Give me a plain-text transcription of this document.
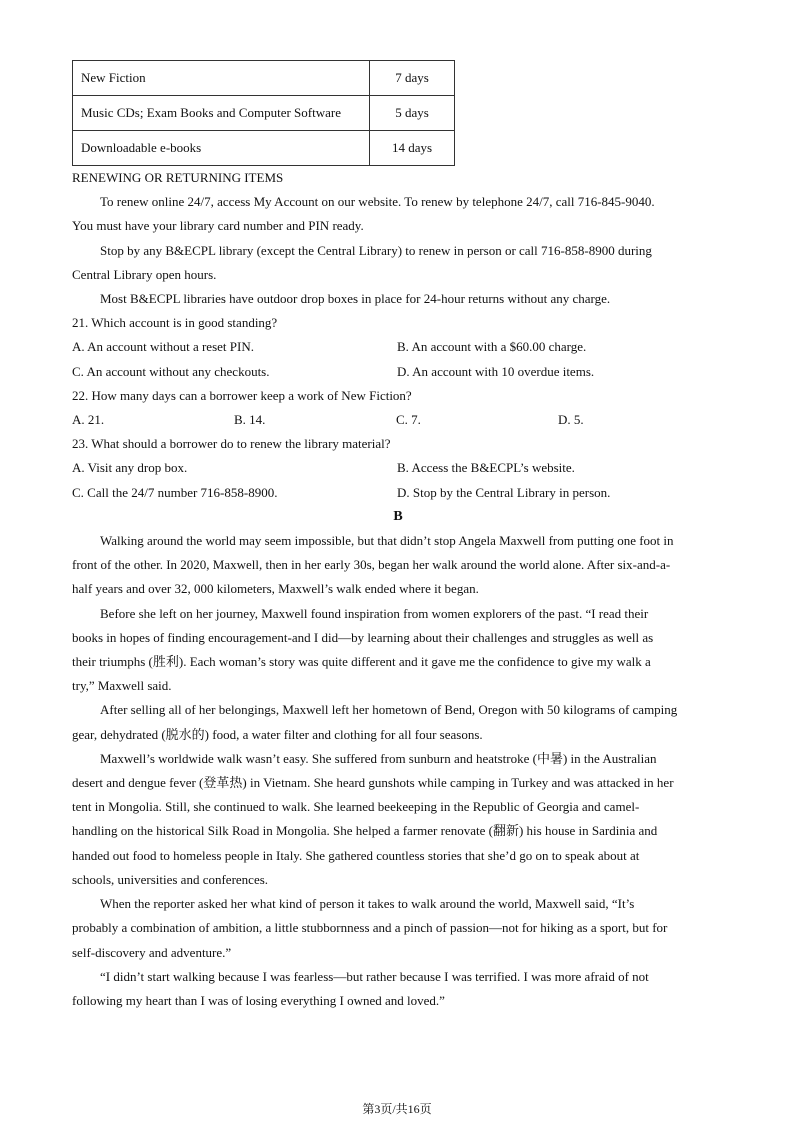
New Fiction	7 days
Music CDs; Exam Books and Computer Software	5 days
Downloadable e-books	14 days
RENEWING OR RETURNING ITEMS
To renew online 24/7, access My Account on our website. To renew by telephone 24/7, call 716-845-9040.
You must have your library card number and PIN ready.
Stop by any B&ECPL library (except the Central Library) to renew in person or call 716-858-8900 during
Central Library open hours.
Most B&ECPL libraries have outdoor drop boxes in place for 24-hour returns without any charge.
21. Which account is in good standing?
A. An account without a reset PIN.	B. An account with a $60.00 charge.
C. An account without any checkouts.	D. An account with 10 overdue items.
22. How many days can a borrower keep a work of New Fiction?
A. 21.	B. 14.	C. 7.	D. 5.
23. What should a borrower do to renew the library material?
A. Visit any drop box.	B. Access the B&ECPL’s website.
C. Call the 24/7 number 716-858-8900.	D. Stop by the Central Library in person.
B
Walking around the world may seem impossible, but that didn’t stop Angela Maxwell from putting one foot in
front of the other. In 2020, Maxwell, then in her early 30s, began her walk around the world alone. After six-and-a-
half years and over 32, 000 kilometers, Maxwell’s walk ended where it began.
Before she left on her journey, Maxwell found inspiration from women explorers of the past. “I read their
books in hopes of finding encouragement-and I did—by learning about their challenges and struggles as well as
their triumphs (胜利). Each woman’s story was quite different and it gave me the confidence to give my walk a
try,” Maxwell said.
After selling all of her belongings, Maxwell left her hometown of Bend, Oregon with 50 kilograms of camping
gear, dehydrated (脱水的) food, a water filter and clothing for all four seasons.
Maxwell’s worldwide walk wasn’t easy. She suffered from sunburn and heatstroke (中暑) in the Australian
desert and dengue fever (登革热) in Vietnam. She heard gunshots while camping in Turkey and was attacked in her
tent in Mongolia. Still, she continued to walk. She learned beekeeping in the Republic of Georgia and camel-
handling on the historical Silk Road in Mongolia. She helped a farmer renovate (翻新) his house in Sardinia and
handed out food to homeless people in Italy. She gathered countless stories that she’d go on to speak about at
schools, universities and conferences.
When the reporter asked her what kind of person it takes to walk around the world, Maxwell said, “It’s
probably a combination of ambition, a little stubbornness and a pinch of passion—not for hiking as a sport, but for
self-discovery and adventure.”
“I didn’t start walking because I was fearless—but rather because I was terrified. I was more afraid of not
following my heart than I was of losing everything I owned and loved.”
第3页/共16页
